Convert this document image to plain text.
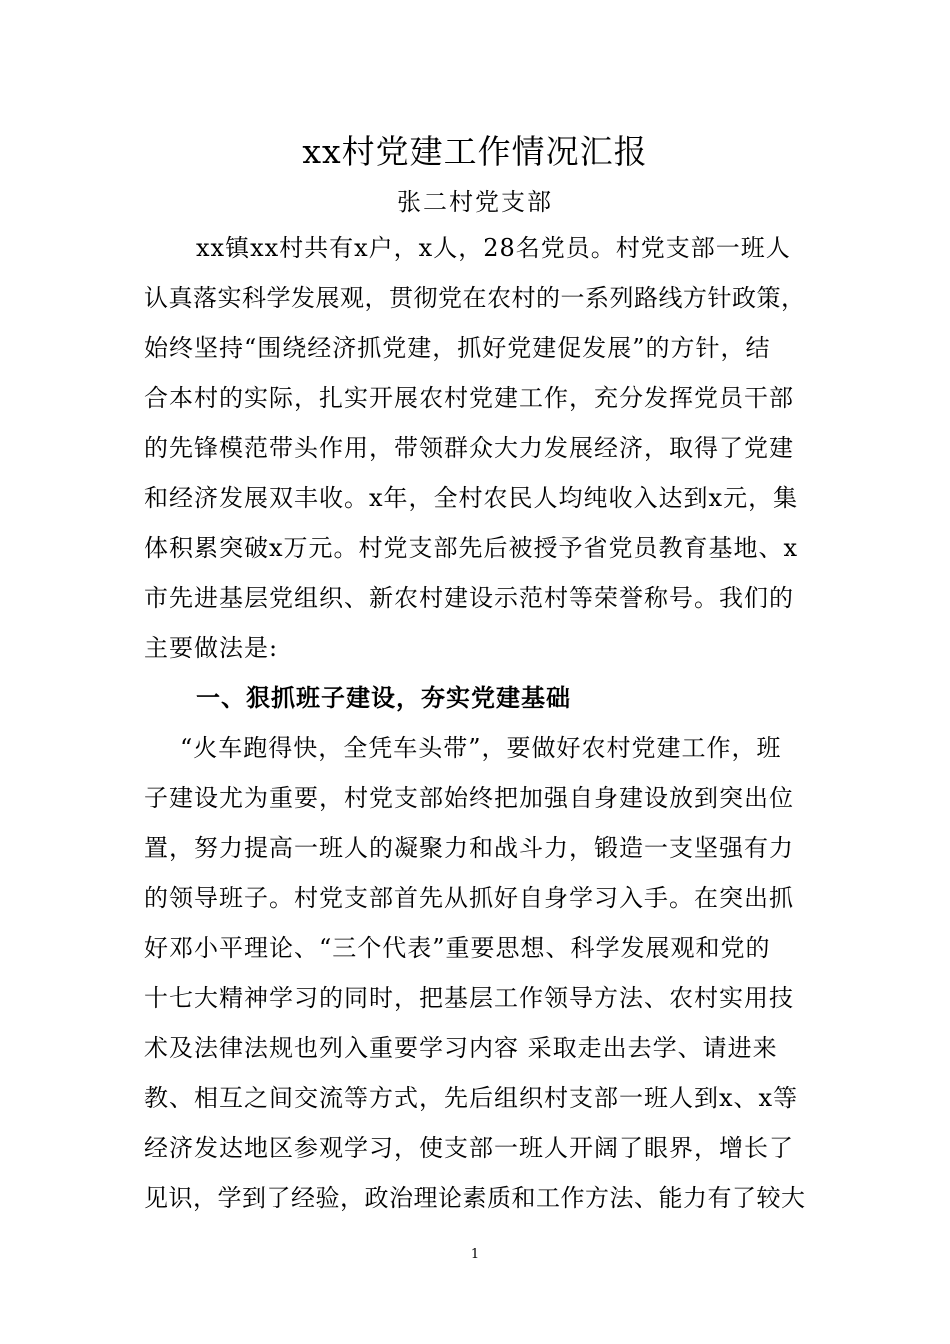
xx村党建工作情况汇报
张二村党支部
xx镇xx村共有x户，x人，28名党员。村党支部一班人
认真落实科学发展观，贯彻党在农村的一系列路线方针政策，
始终坚持“围绕经济抓党建，抓好党建促发展”的方针，结
合本村的实际，扎实开展农村党建工作，充分发挥党员干部
的先锋模范带头作用，带领群众大力发展经济，取得了党建
和经济发展双丰收。x年，全村农民人均纯收入达到x元，集
体积累突破x万元。村党支部先后被授予省党员教育基地、x
市先进基层党组织、新农村建设示范村等荣誉称号。我们的
主要做法是:
一、狠抓班子建设，夯实党建基础
“火车跑得快，全凭车头带”，要做好农村党建工作，班
子建设尤为重要，村党支部始终把加强自身建设放到突出位
置，努力提高一班人的凝聚力和战斗力，锻造一支坚强有力
的领导班子。村党支部首先从抓好自身学习入手。在突出抓
好邓小平理论、“三个代表”重要思想、科学发展观和党的
十七大精神学习的同时，把基层工作领导方法、农村实用技
术及法律法规也列入重要学习内容 采取走出去学、请进来
教、相互之间交流等方式，先后组织村支部一班人到x、x等
经济发达地区参观学习，使支部一班人开阔了眼界，增长了
见识，学到了经验，政治理论素质和工作方法、能力有了较大
1
